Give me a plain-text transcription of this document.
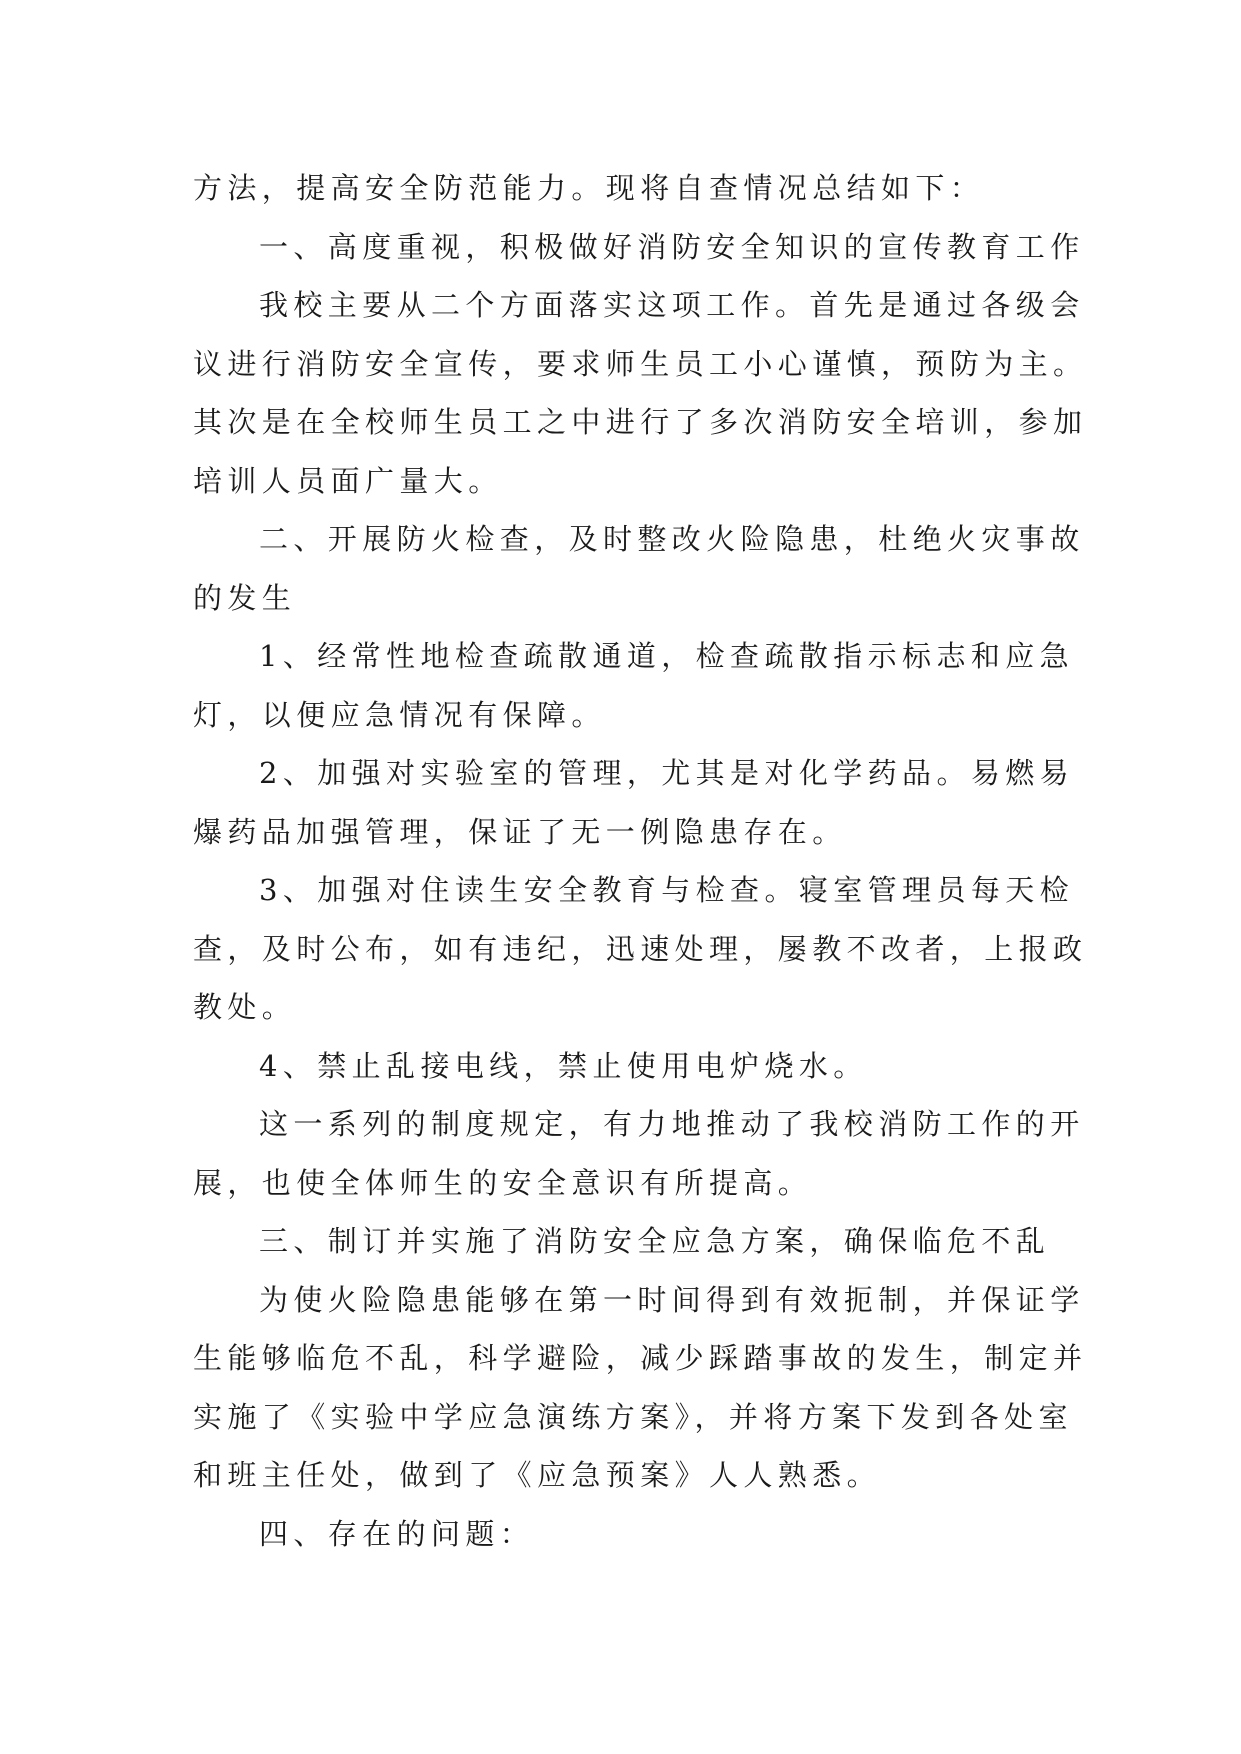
方法，提高安全防范能力。现将自查情况总结如下：

一、高度重视，积极做好消防安全知识的宣传教育工作

我校主要从二个方面落实这项工作。首先是通过各级会

议进行消防安全宣传，要求师生员工小心谨慎，预防为主。

其次是在全校师生员工之中进行了多次消防安全培训，参加

培训人员面广量大。

二、开展防火检查，及时整改火险隐患，杜绝火灾事故

的发生

1、经常性地检查疏散通道，检查疏散指示标志和应急

灯，以便应急情况有保障。

2、加强对实验室的管理，尤其是对化学药品。易燃易

爆药品加强管理，保证了无一例隐患存在。

3、加强对住读生安全教育与检查。寝室管理员每天检

查，及时公布，如有违纪，迅速处理，屡教不改者，上报政

教处。

4、禁止乱接电线，禁止使用电炉烧水。

这一系列的制度规定，有力地推动了我校消防工作的开

展，也使全体师生的安全意识有所提高。

三、制订并实施了消防安全应急方案，确保临危不乱

为使火险隐患能够在第一时间得到有效扼制，并保证学

生能够临危不乱，科学避险，减少踩踏事故的发生，制定并

实施了《实验中学应急演练方案》，并将方案下发到各处室

和班主任处，做到了《应急预案》人人熟悉。

四、存在的问题：
